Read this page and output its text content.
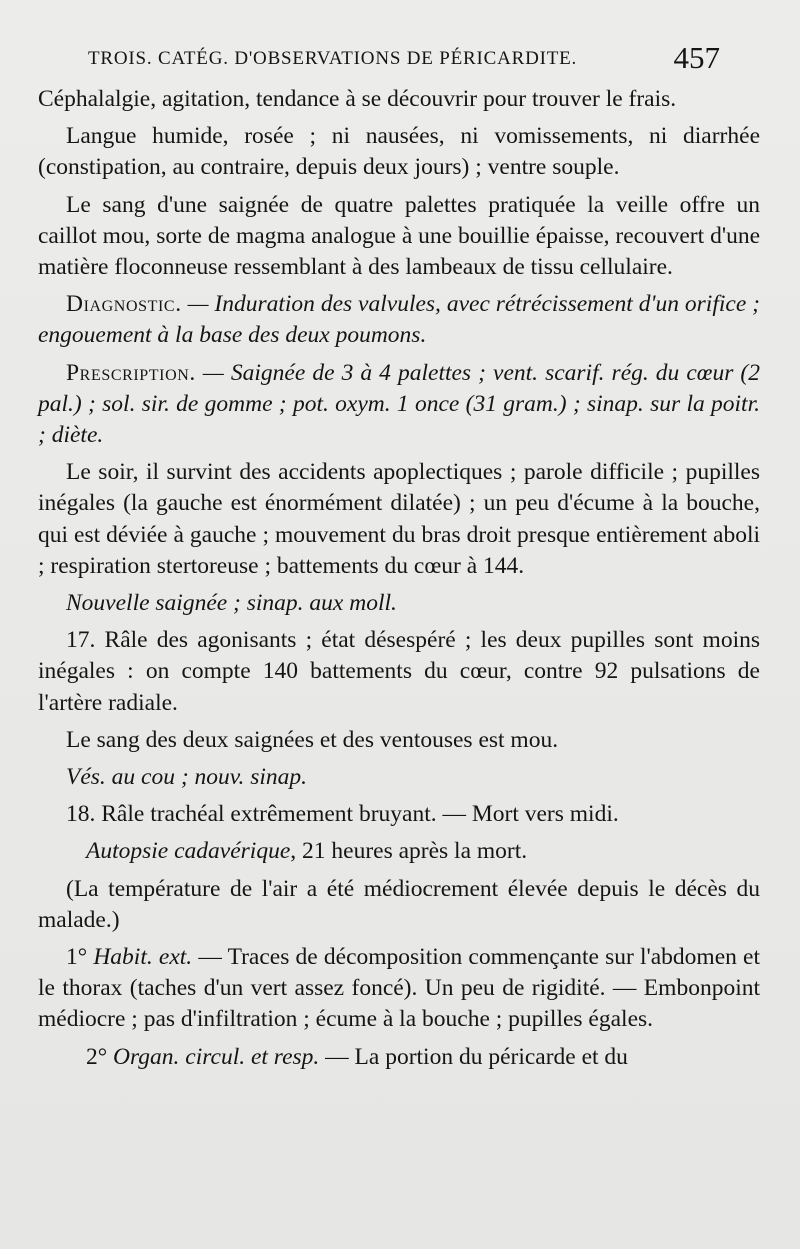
TROIS. CATÉG. D'OBSERVATIONS DE PÉRICARDITE.	457

Céphalalgie, agitation, tendance à se découvrir pour trouver le frais.

Langue humide, rosée ; ni nausées, ni vomissements, ni diarrhée (constipation, au contraire, depuis deux jours) ; ventre souple.

Le sang d'une saignée de quatre palettes pratiquée la veille offre un caillot mou, sorte de magma analogue à une bouillie épaisse, recouvert d'une matière floconneuse ressemblant à des lambeaux de tissu cellulaire.

Diagnostic. — Induration des valvules, avec rétrécissement d'un orifice ; engouement à la base des deux poumons.

Prescription. — Saignée de 3 à 4 palettes ; vent. scarif. rég. du cœur (2 pal.) ; sol. sir. de gomme ; pot. oxym. 1 once (31 gram.) ; sinap. sur la poitr. ; diète.

Le soir, il survint des accidents apoplectiques ; parole difficile ; pupilles inégales (la gauche est énormément dilatée) ; un peu d'écume à la bouche, qui est déviée à gauche ; mouvement du bras droit presque entièrement aboli ; respiration stertoreuse ; battements du cœur à 144.

Nouvelle saignée ; sinap. aux moll.

17. Râle des agonisants ; état désespéré ; les deux pupilles sont moins inégales : on compte 140 battements du cœur, contre 92 pulsations de l'artère radiale.

Le sang des deux saignées et des ventouses est mou.

Vés. au cou ; nouv. sinap.

18. Râle trachéal extrêmement bruyant. — Mort vers midi.

Autopsie cadavérique, 21 heures après la mort.

(La température de l'air a été médiocrement élevée depuis le décès du malade.)

1° Habit. ext. — Traces de décomposition commençante sur l'abdomen et le thorax (taches d'un vert assez foncé). Un peu de rigidité. — Embonpoint médiocre ; pas d'infiltration ; écume à la bouche ; pupilles égales.

2° Organ. circul. et resp. — La portion du péricarde et du
